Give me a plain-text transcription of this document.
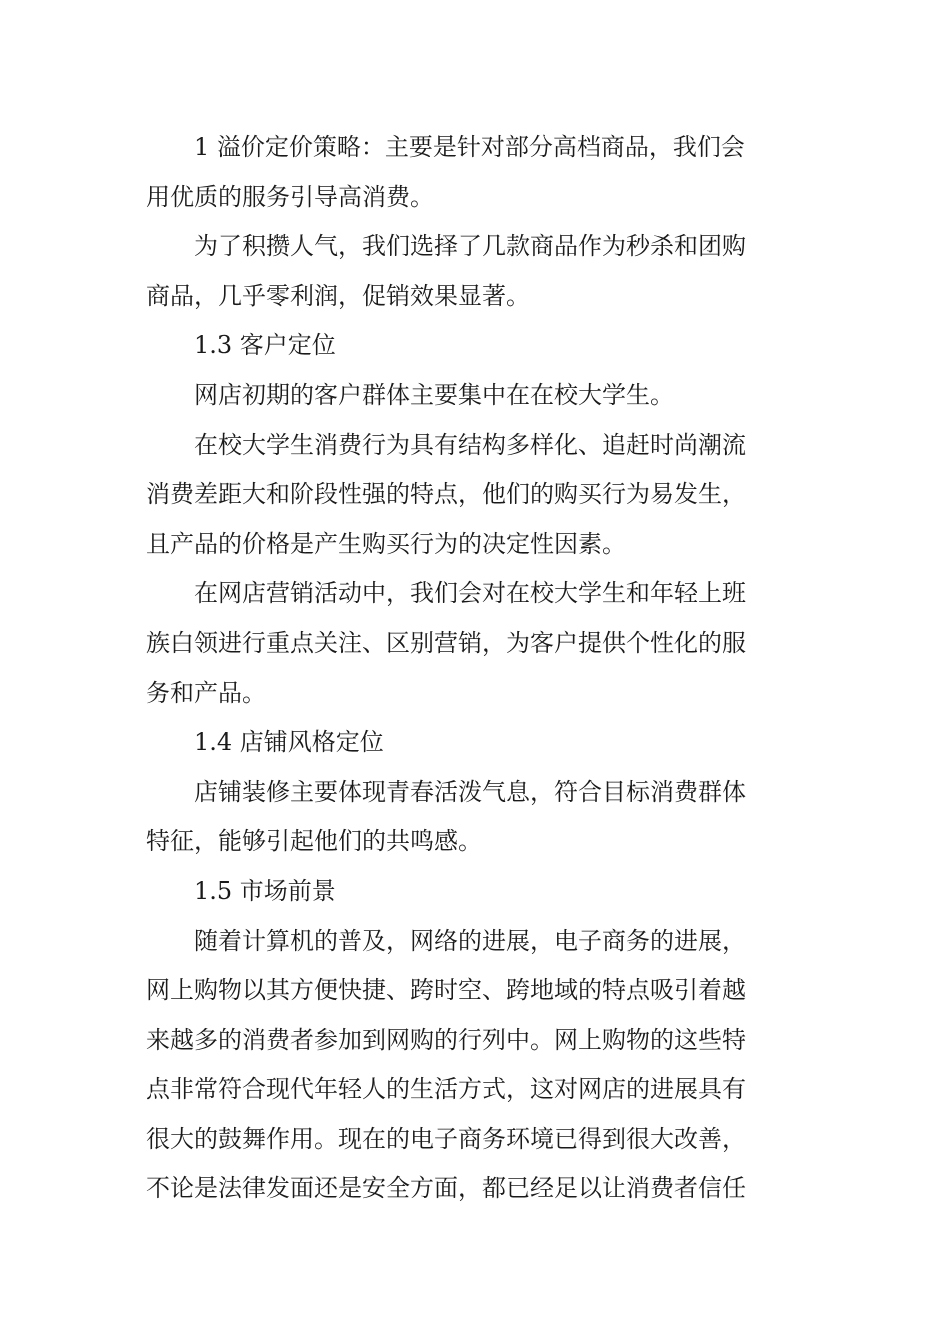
1 溢价定价策略：主要是针对部分高档商品，我们会
用优质的服务引导高消费。
为了积攒人气，我们选择了几款商品作为秒杀和团购
商品，几乎零利润，促销效果显著。
1.3 客户定位
网店初期的客户群体主要集中在在校大学生。
在校大学生消费行为具有结构多样化、追赶时尚潮流
消费差距大和阶段性强的特点，他们的购买行为易发生，
且产品的价格是产生购买行为的决定性因素。
在网店营销活动中，我们会对在校大学生和年轻上班
族白领进行重点关注、区别营销，为客户提供个性化的服
务和产品。
1.4 店铺风格定位
店铺装修主要体现青春活泼气息，符合目标消费群体
特征，能够引起他们的共鸣感。
1.5 市场前景
随着计算机的普及，网络的进展，电子商务的进展，
网上购物以其方便快捷、跨时空、跨地域的特点吸引着越
来越多的消费者参加到网购的行列中。网上购物的这些特
点非常符合现代年轻人的生活方式，这对网店的进展具有
很大的鼓舞作用。现在的电子商务环境已得到很大改善，
不论是法律发面还是安全方面，都已经足以让消费者信任
